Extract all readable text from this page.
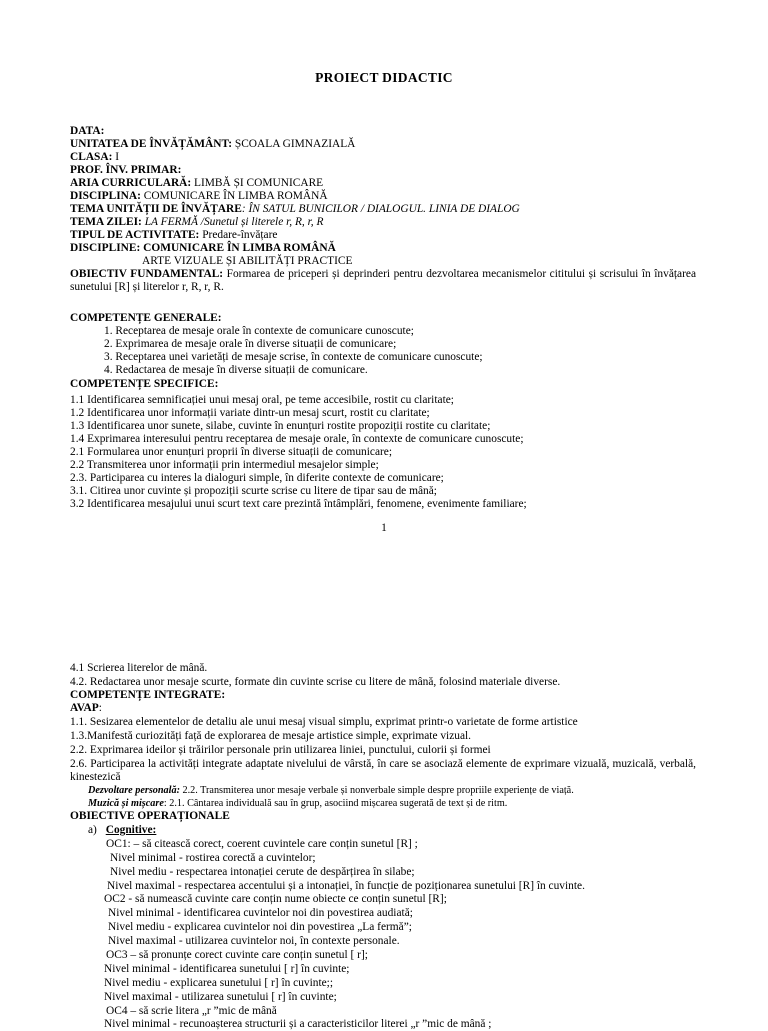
PROIECT DIDACTIC
DATA:
UNITATEA DE ÎNVĂȚĂMÂNT: ȘCOALA GIMNAZIALĂ
CLASA: I
PROF. ÎNV. PRIMAR:
ARIA CURRICULARĂ: LIMBĂ ȘI COMUNICARE
DISCIPLINA: COMUNICARE ÎN LIMBA ROMÂNĂ
TEMA UNITĂȚII DE ÎNVĂȚARE: ÎN SATUL BUNICILOR / DIALOGUL. LINIA DE DIALOG
TEMA ZILEI: LA FERMĂ /Sunetul și literele r, R, r, R
TIPUL DE ACTIVITATE: Predare-învățare
DISCIPLINE: COMUNICARE ÎN LIMBA ROMÂNĂ
ARTE VIZUALE ȘI ABILITĂȚI PRACTICE
OBIECTIV FUNDAMENTAL: Formarea de priceperi și deprinderi pentru dezvoltarea mecanismelor cititului și scrisului în învățarea sunetului [R] și literelor r, R, r, R.
COMPETENȚE GENERALE:
1. Receptarea de mesaje orale în contexte de comunicare cunoscute;
2. Exprimarea de mesaje orale în diverse situații de comunicare;
3. Receptarea unei varietăți de mesaje scrise, în contexte de comunicare cunoscute;
4. Redactarea de mesaje în diverse situații de comunicare.
COMPETENȚE SPECIFICE:
1.1 Identificarea semnificației unui mesaj oral, pe teme accesibile, rostit cu claritate;
1.2 Identificarea unor informații variate dintr-un mesaj scurt, rostit cu claritate;
1.3 Identificarea unor sunete, silabe, cuvinte în enunțuri rostite propoziții rostite cu claritate;
1.4 Exprimarea interesului pentru receptarea de mesaje orale, în contexte de comunicare cunoscute;
2.1 Formularea unor enunțuri proprii în diverse situații de comunicare;
2.2 Transmiterea unor informații prin intermediul mesajelor simple;
2.3. Participarea cu interes la dialoguri simple, în diferite contexte de comunicare;
3.1. Citirea unor cuvinte și propoziții scurte scrise cu litere de tipar sau de mână;
3.2 Identificarea mesajului unui scurt text care prezintă întâmplări, fenomene, evenimente familiare;
1
4.1 Scrierea literelor de mână.
4.2. Redactarea unor mesaje scurte, formate din cuvinte scrise cu litere de mână, folosind materiale diverse.
COMPETENȚE INTEGRATE:
AVAP:
1.1. Sesizarea elementelor de detaliu ale unui mesaj visual simplu, exprimat printr-o varietate de forme artistice
1.3.Manifestă curiozități față de explorarea de mesaje artistice simple, exprimate vizual.
2.2. Exprimarea ideilor și trăirilor personale prin utilizarea liniei, punctului, culorii și formei
2.6. Participarea la activități integrate adaptate nivelului de vârstă, în care se asociază elemente de exprimare vizuală, muzicală, verbală, kinestezică
Dezvoltare personală: 2.2. Transmiterea unor mesaje verbale și nonverbale simple despre propriile experiențe de viață.
Muzică și mișcare: 2.1. Cântarea individuală sau în grup, asociind mișcarea sugerată de text și de ritm.
OBIECTIVE OPERAȚIONALE
a) Cognitive:
OC1: – să citească corect, coerent cuvintele care conțin sunetul [R] ;
Nivel minimal - rostirea corectă a cuvintelor;
Nivel mediu - respectarea intonației cerute de despărțirea în silabe;
Nivel maximal - respectarea accentului și a intonației, în funcție de poziționarea sunetului [R] în cuvinte.
OC2 - să numească cuvinte care conțin nume obiecte ce conțin sunetul [R];
Nivel minimal - identificarea cuvintelor noi din povestirea audiată;
Nivel mediu - explicarea cuvintelor noi din povestirea „La fermă”;
Nivel maximal - utilizarea cuvintelor noi, în contexte personale.
OC3 – să pronunțe corect cuvinte care conțin sunetul [ r];
Nivel minimal - identificarea sunetului [ r] în cuvinte;
Nivel mediu - explicarea sunetului [ r] în cuvinte;;
Nivel maximal - utilizarea sunetului [ r] în cuvinte;
OC4 – să scrie litera „r ”mic de mână
Nivel minimal - recunoașterea structurii și a caracteristicilor literei „r ”mic de mână ;
